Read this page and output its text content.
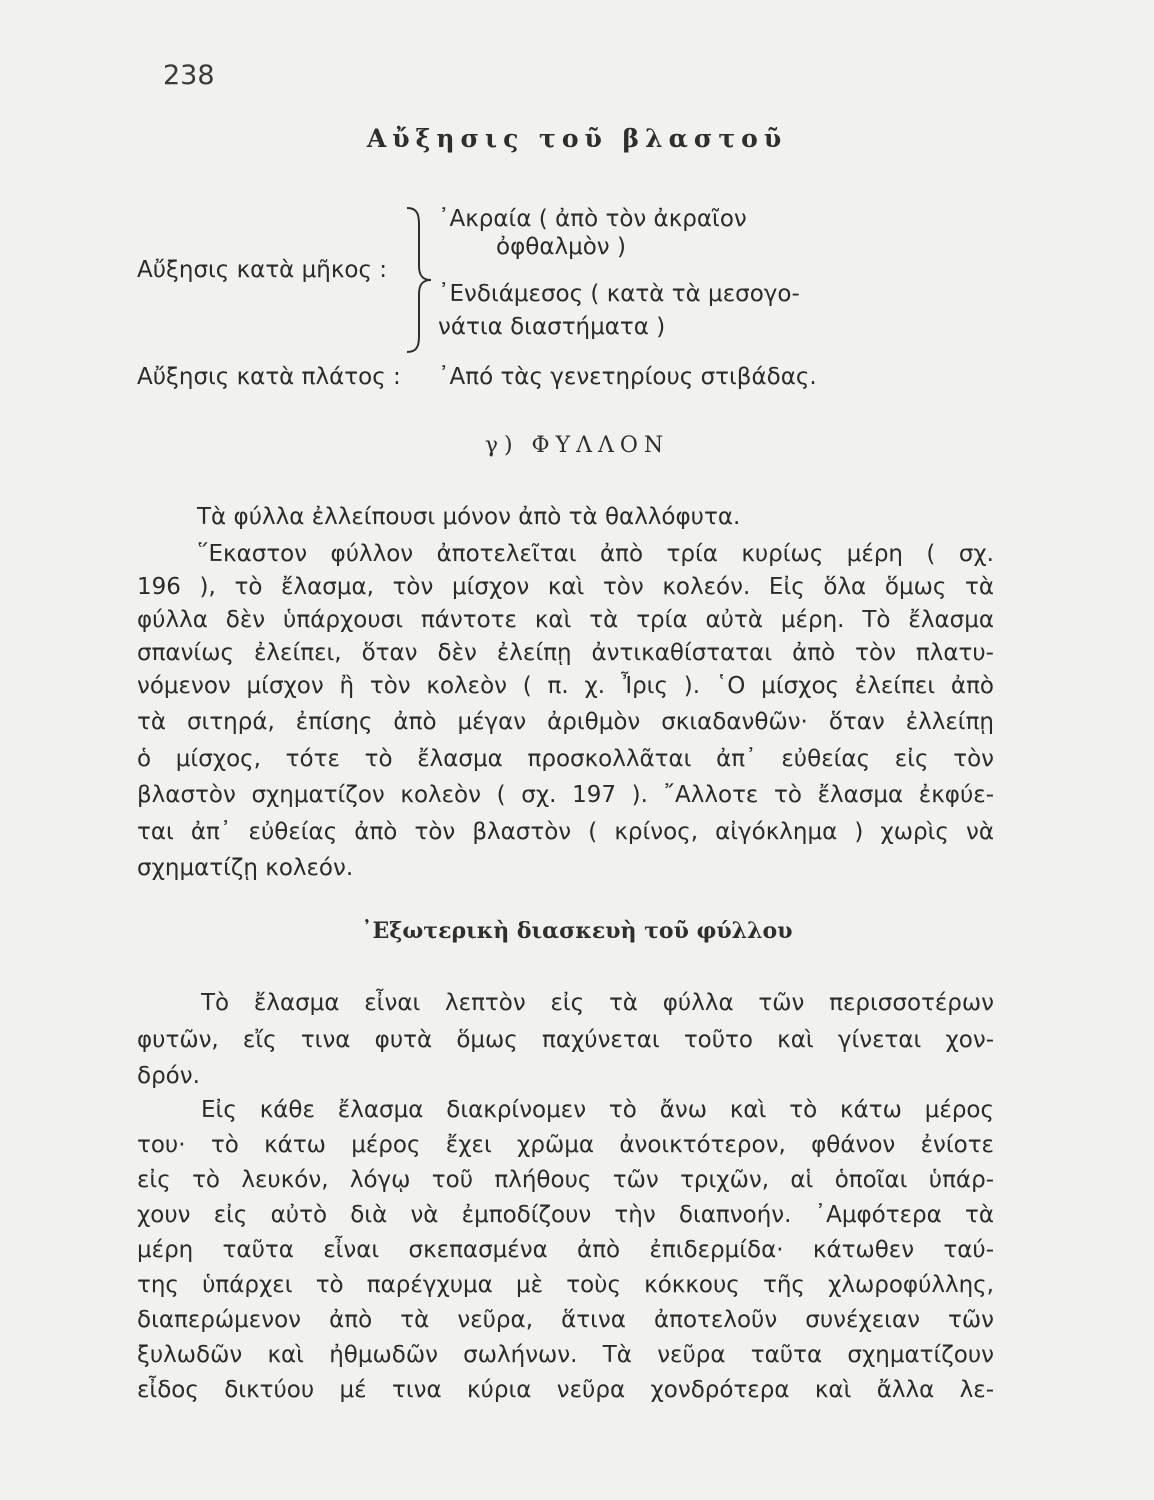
238
Αὔξησις τοῦ βλαστοῦ
Αὔξησις κατὰ μῆκος :
᾿Ακραία ( ἀπὸ τὸν ἀκραῖον
ὀφθαλμὸν )
᾿Ενδιάμεσος ( κατὰ τὰ μεσογο-
νάτια διαστήματα )
Αὔξησις κατὰ πλάτος : ᾿Από τὰς γενετηρίους στιβάδας.
γ) ΦΥΛΛΟΝ
Τὰ φύλλα ἐλλείπουσι μόνον ἀπὸ τὰ θαλλόφυτα.
῞Εκαστον φύλλον ἀποτελεῖται ἀπὸ τρία κυρίως μέρη ( σχ.
196 ), τὸ ἔλασμα, τὸν μίσχον καὶ τὸν κολεόν. Εἰς ὅλα ὅμως τὰ
φύλλα δὲν ὑπάρχουσι πάντοτε καὶ τὰ τρία αὐτὰ μέρη. Τὸ ἔλασμα
σπανίως ἐλείπει, ὅταν δὲν ἐλείπῃ ἀντικαθίσταται ἀπὸ τὸν πλατυ-
νόμενον μίσχον ἢ τὸν κολεὸν ( π. χ. Ἶρις ). ῾Ο μίσχος ἐλείπει ἀπὸ
τὰ σιτηρά, ἐπίσης ἀπὸ μέγαν ἀριθμὸν σκιαδανθῶν· ὅταν ἐλλείπῃ
ὁ μίσχος, τότε τὸ ἔλασμα προσκολλᾶται ἀπ᾿ εὐθείας εἰς τὸν
βλαστὸν σχηματίζον κολεὸν ( σχ. 197 ). ῎Αλλοτε τὸ ἔλασμα ἐκφύε-
ται ἀπ᾿ εὐθείας ἀπὸ τὸν βλαστὸν ( κρίνος, αἰγόκλημα ) χωρὶς νὰ
σχηματίζῃ κολεόν.
᾿Εξωτερικὴ διασκευὴ τοῦ φύλλου
Τὸ ἔλασμα εἶναι λεπτὸν εἰς τὰ φύλλα τῶν περισσοτέρων
φυτῶν, εἴς τινα φυτὰ ὅμως παχύνεται τοῦτο καὶ γίνεται χον-
δρόν.
Εἰς κάθε ἔλασμα διακρίνομεν τὸ ἄνω καὶ τὸ κάτω μέρος
του· τὸ κάτω μέρος ἔχει χρῶμα ἀνοικτότερον, φθάνον ἐνίοτε
εἰς τὸ λευκόν, λόγῳ τοῦ πλήθους τῶν τριχῶν, αἱ ὁποῖαι ὑπάρ-
χουν εἰς αὐτὸ διὰ νὰ ἐμποδίζουν τὴν διαπνοήν. ᾿Αμφότερα τὰ
μέρη ταῦτα εἶναι σκεπασμένα ἀπὸ ἐπιδερμίδα· κάτωθεν ταύ-
της ὑπάρχει τὸ παρέγχυμα μὲ τοὺς κόκκους τῆς χλωροφύλλης,
διαπερώμενον ἀπὸ τὰ νεῦρα, ἅτινα ἀποτελοῦν συνέχειαν τῶν
ξυλωδῶν καὶ ἠθμωδῶν σωλήνων. Τὰ νεῦρα ταῦτα σχηματίζουν
εἶδος δικτύου μέ τινα κύρια νεῦρα χονδρότερα καὶ ἄλλα λε-
